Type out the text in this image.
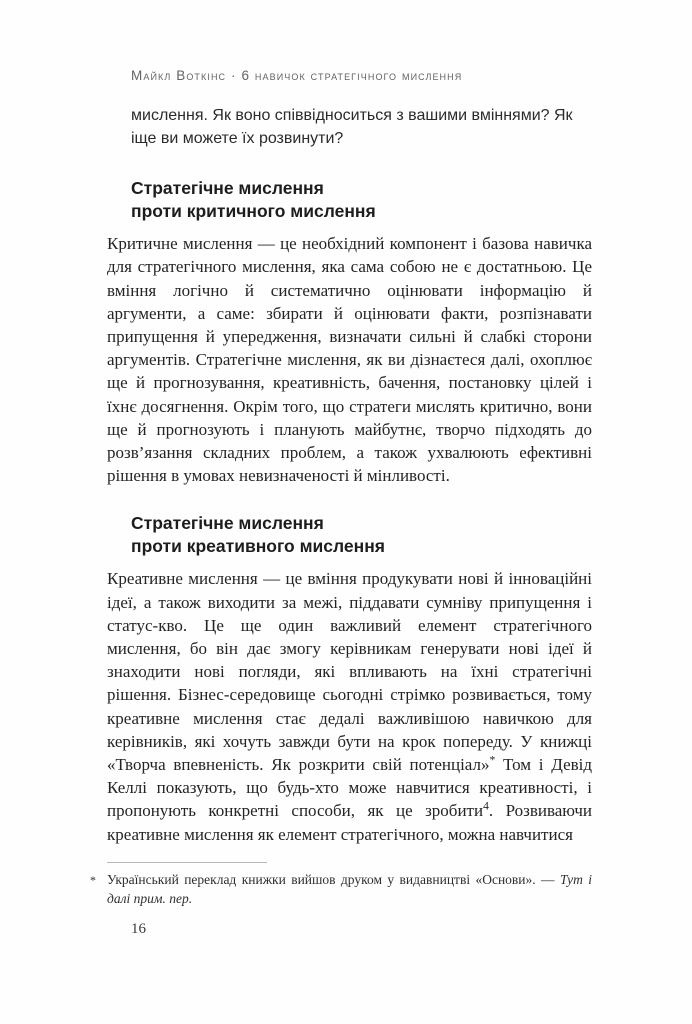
Майкл Воткінс · 6 навичок стратегічного мислення

мислення. Як воно співвідноситься з вашими вміннями? Як іще ви можете їх розвинути?

Стратегічне мислення
проти критичного мислення

Критичне мислення — це необхідний компонент і базова навичка для стратегічного мислення, яка сама собою не є достатньою. Це вміння логічно й систематично оцінювати інформацію й аргументи, а саме: збирати й оцінювати факти, розпізнавати припущення й упередження, визначати сильні й слабкі сторони аргументів. Стратегічне мислення, як ви дізнаєтеся далі, охоплює ще й прогнозування, креативність, бачення, постановку цілей і їхнє досягнення. Окрім того, що стратеги мислять критично, вони ще й прогнозують і планують майбутнє, творчо підходять до розв’язання складних проблем, а також ухвалюють ефективні рішення в умовах невизначеності й мінливості.

Стратегічне мислення
проти креативного мислення

Креативне мислення — це вміння продукувати нові й інноваційні ідеї, а також виходити за межі, піддавати сумніву припущення і статус-кво. Це ще один важливий елемент стратегічного мислення, бо він дає змогу керівникам генерувати нові ідеї й знаходити нові погляди, які впливають на їхні стратегічні рішення. Бізнес-середовище сьогодні стрімко розвивається, тому креативне мислення стає дедалі важливішою навичкою для керівників, які хочуть завжди бути на крок попереду. У книжці «Творча впевненість. Як розкрити свій потенціал»* Том і Девід Келлі показують, що будь-хто може навчитися креативності, і пропонують конкретні способи, як це зробити$^4$. Розвиваючи креативне мислення як елемент стратегічного, можна навчитися

* Український переклад книжки вийшов друком у видавництві «Основи». — Тут і далі прим. пер.
16
